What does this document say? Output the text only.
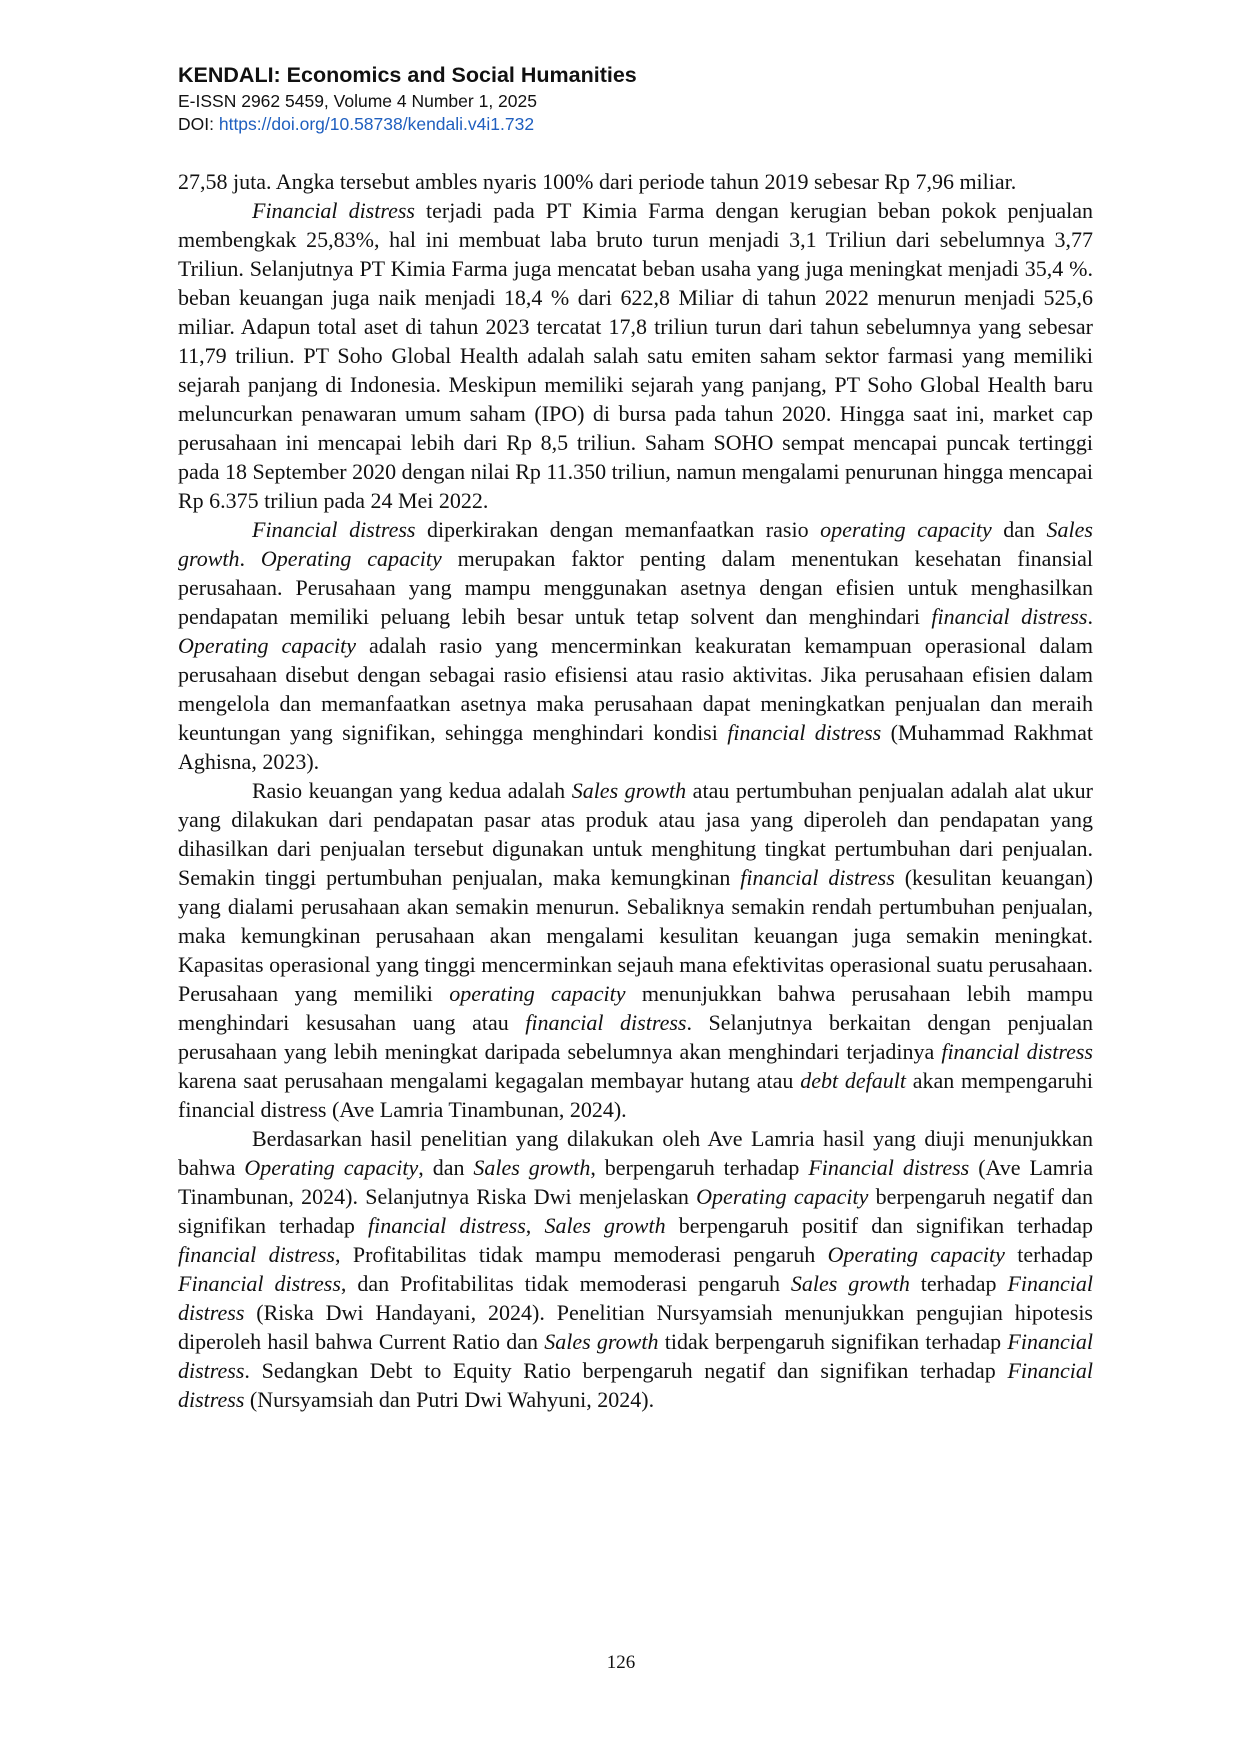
KENDALI: Economics and Social Humanities
E-ISSN 2962 5459, Volume 4 Number 1, 2025
DOI: https://doi.org/10.58738/kendali.v4i1.732

27,58 juta. Angka tersebut ambles nyaris 100% dari periode tahun 2019 sebesar Rp 7,96 miliar.

Financial distress terjadi pada PT Kimia Farma dengan kerugian beban pokok penjualan membengkak 25,83%, hal ini membuat laba bruto turun menjadi 3,1 Triliun dari sebelumnya 3,77 Triliun. Selanjutnya PT Kimia Farma juga mencatat beban usaha yang juga meningkat menjadi 35,4 %. beban keuangan juga naik menjadi 18,4 % dari 622,8 Miliar di tahun 2022 menurun menjadi 525,6 miliar. Adapun total aset di tahun 2023 tercatat 17,8 triliun turun dari tahun sebelumnya yang sebesar 11,79 triliun. PT Soho Global Health adalah salah satu emiten saham sektor farmasi yang memiliki sejarah panjang di Indonesia. Meskipun memiliki sejarah yang panjang, PT Soho Global Health baru meluncurkan penawaran umum saham (IPO) di bursa pada tahun 2020. Hingga saat ini, market cap perusahaan ini mencapai lebih dari Rp 8,5 triliun. Saham SOHO sempat mencapai puncak tertinggi pada 18 September 2020 dengan nilai Rp 11.350 triliun, namun mengalami penurunan hingga mencapai Rp 6.375 triliun pada 24 Mei 2022.

Financial distress diperkirakan dengan memanfaatkan rasio operating capacity dan Sales growth. Operating capacity merupakan faktor penting dalam menentukan kesehatan finansial perusahaan. Perusahaan yang mampu menggunakan asetnya dengan efisien untuk menghasilkan pendapatan memiliki peluang lebih besar untuk tetap solvent dan menghindari financial distress. Operating capacity adalah rasio yang mencerminkan keakuratan kemampuan operasional dalam perusahaan disebut dengan sebagai rasio efisiensi atau rasio aktivitas. Jika perusahaan efisien dalam mengelola dan memanfaatkan asetnya maka perusahaan dapat meningkatkan penjualan dan meraih keuntungan yang signifikan, sehingga menghindari kondisi financial distress (Muhammad Rakhmat Aghisna, 2023).

Rasio keuangan yang kedua adalah Sales growth atau pertumbuhan penjualan adalah alat ukur yang dilakukan dari pendapatan pasar atas produk atau jasa yang diperoleh dan pendapatan yang dihasilkan dari penjualan tersebut digunakan untuk menghitung tingkat pertumbuhan dari penjualan. Semakin tinggi pertumbuhan penjualan, maka kemungkinan financial distress (kesulitan keuangan) yang dialami perusahaan akan semakin menurun. Sebaliknya semakin rendah pertumbuhan penjualan, maka kemungkinan perusahaan akan mengalami kesulitan keuangan juga semakin meningkat. Kapasitas operasional yang tinggi mencerminkan sejauh mana efektivitas operasional suatu perusahaan. Perusahaan yang memiliki operating capacity menunjukkan bahwa perusahaan lebih mampu menghindari kesusahan uang atau financial distress. Selanjutnya berkaitan dengan penjualan perusahaan yang lebih meningkat daripada sebelumnya akan menghindari terjadinya financial distress karena saat perusahaan mengalami kegagalan membayar hutang atau debt default akan mempengaruhi financial distress (Ave Lamria Tinambunan, 2024).

Berdasarkan hasil penelitian yang dilakukan oleh Ave Lamria hasil yang diuji menunjukkan bahwa Operating capacity, dan Sales growth, berpengaruh terhadap Financial distress (Ave Lamria Tinambunan, 2024). Selanjutnya Riska Dwi menjelaskan Operating capacity berpengaruh negatif dan signifikan terhadap financial distress, Sales growth berpengaruh positif dan signifikan terhadap financial distress, Profitabilitas tidak mampu memoderasi pengaruh Operating capacity terhadap Financial distress, dan Profitabilitas tidak memoderasi pengaruh Sales growth terhadap Financial distress (Riska Dwi Handayani, 2024). Penelitian Nursyamsiah menunjukkan pengujian hipotesis diperoleh hasil bahwa Current Ratio dan Sales growth tidak berpengaruh signifikan terhadap Financial distress. Sedangkan Debt to Equity Ratio berpengaruh negatif dan signifikan terhadap Financial distress (Nursyamsiah dan Putri Dwi Wahyuni, 2024).

126
